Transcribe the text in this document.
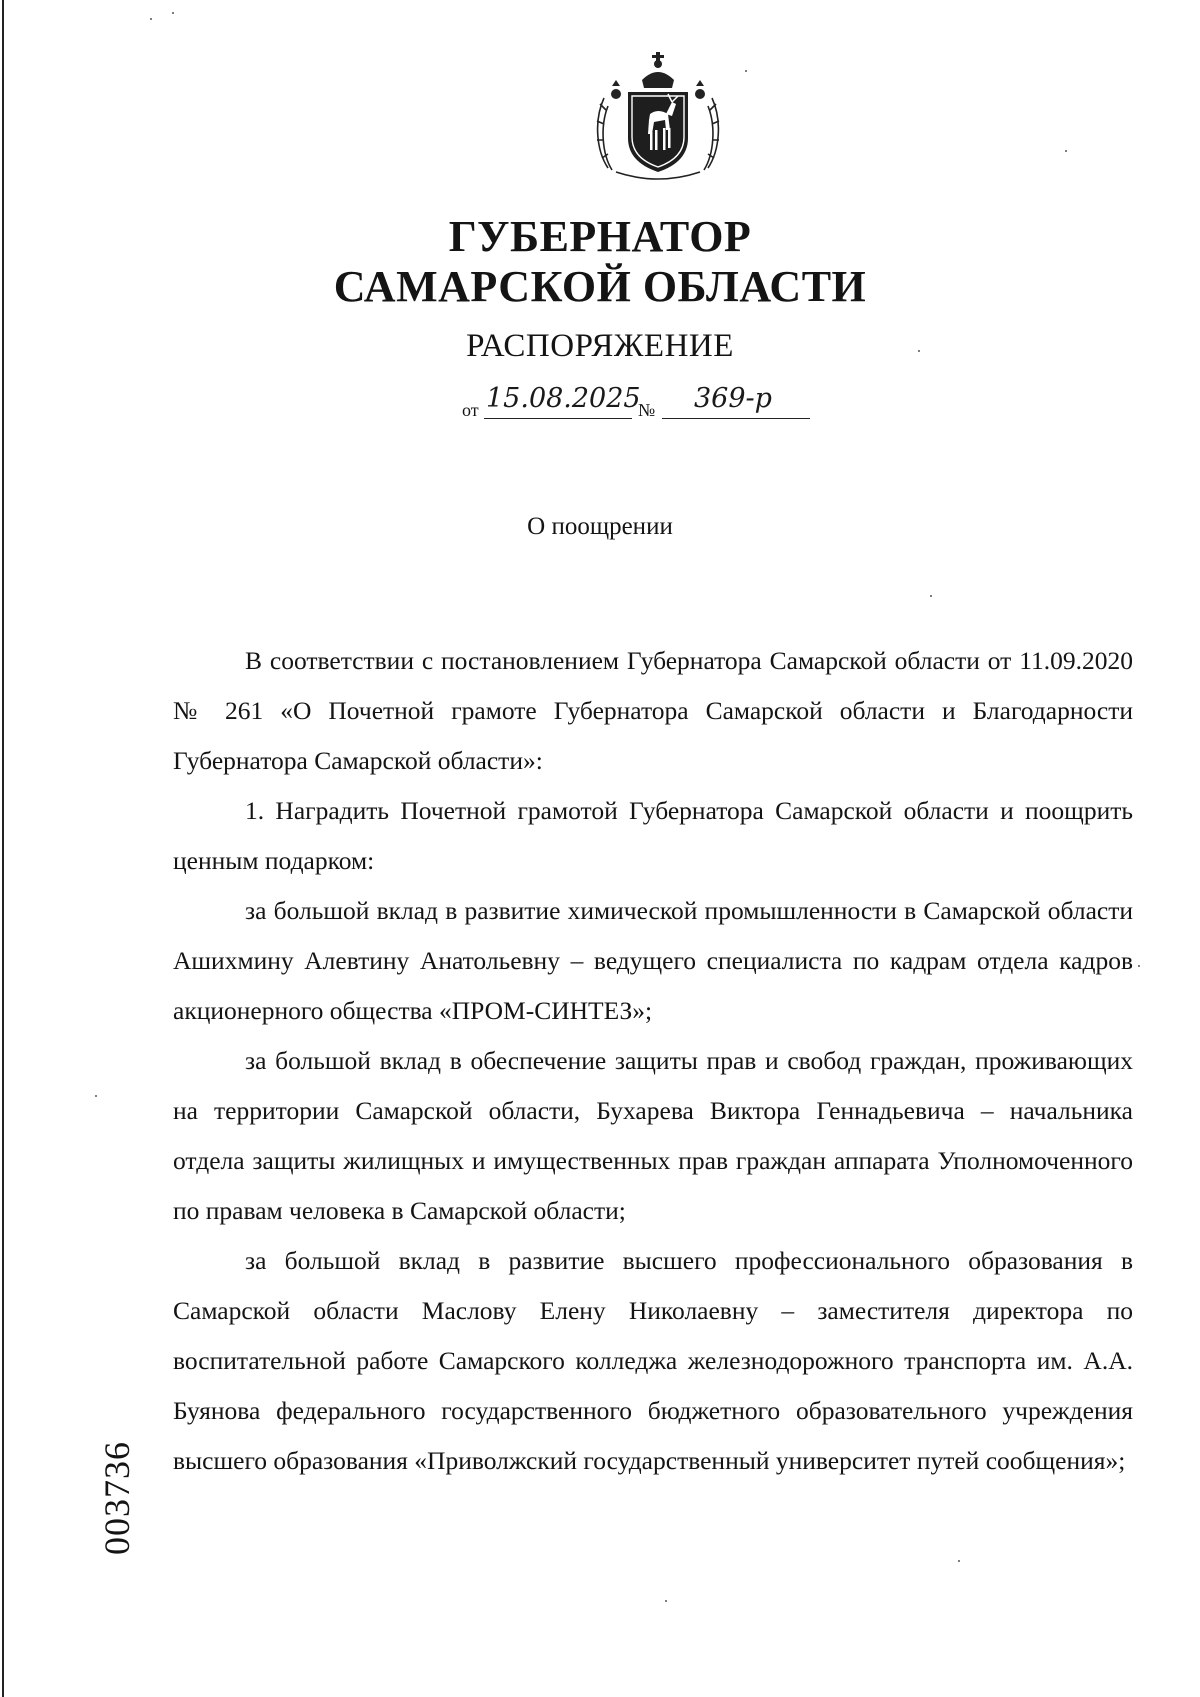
ГУБЕРНАТОР
САМАРСКОЙ ОБЛАСТИ
РАСПОРЯЖЕНИЕ
от 15.08.2025
№ 369-р
О поощрении

В соответствии с постановлением Губернатора Самарской области от 11.09.2020 № 261 «О Почетной грамоте Губернатора Самарской области и Благодарности Губернатора Самарской области»:

1. Наградить Почетной грамотой Губернатора Самарской области и поощрить ценным подарком:

за большой вклад в развитие химической промышленности в Самарской области Ашихмину Алевтину Анатольевну – ведущего специалиста по кадрам отдела кадров акционерного общества «ПРОМ-СИНТЕЗ»;

за большой вклад в обеспечение защиты прав и свобод граждан, проживающих на территории Самарской области, Бухарева Виктора Геннадьевича – начальника отдела защиты жилищных и имущественных прав граждан аппарата Уполномоченного по правам человека в Самарской области;

за большой вклад в развитие высшего профессионального образования в Самарской области Маслову Елену Николаевну – заместителя директора по воспитательной работе Самарского колледжа железнодорожного транспорта им. А.А. Буянова федерального государственного бюджетного образовательного учреждения высшего образования «Приволжский государственный университет путей сообщения»;

003736
